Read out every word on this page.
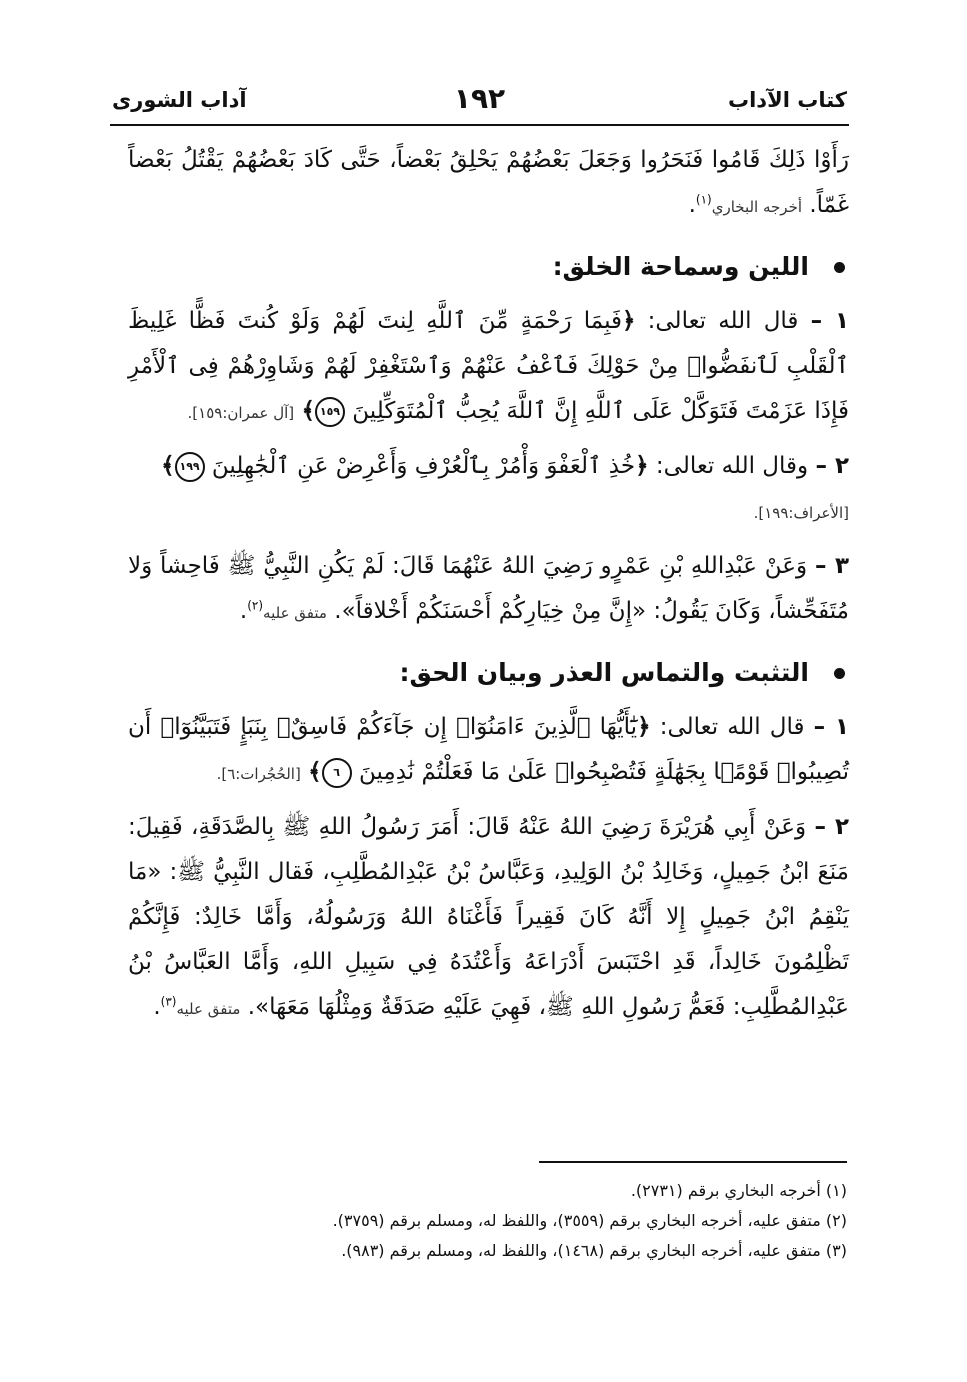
كتاب الآداب
١٩٢
آداب الشورى

رَأَوْا ذَلِكَ قَامُوا فَنَحَرُوا وَجَعَلَ بَعْضُهُمْ يَحْلِقُ بَعْضاً، حَتَّى كَادَ بَعْضُهُمْ يَقْتُلُ بَعْضاً غَمّاً. أخرجه البخاري$^{(١)}$.

اللين وسماحة الخلق:

١ – قال الله تعالى: ﴿فَبِمَا رَحْمَةٍ مِّنَ ٱللَّهِ لِنتَ لَهُمْ وَلَوْ كُنتَ فَظًّا غَلِيظَ ٱلْقَلْبِ لَٱنفَضُّوا۟ مِنْ حَوْلِكَ فَٱعْفُ عَنْهُمْ وَٱسْتَغْفِرْ لَهُمْ وَشَاوِرْهُمْ فِى ٱلْأَمْرِ فَإِذَا عَزَمْتَ فَتَوَكَّلْ عَلَى ٱللَّهِ إِنَّ ٱللَّهَ يُحِبُّ ٱلْمُتَوَكِّلِينَ ١٥٩﴾ [آل عمران:١٥٩].

٢ – وقال الله تعالى: ﴿خُذِ ٱلْعَفْوَ وَأْمُرْ بِٱلْعُرْفِ وَأَعْرِضْ عَنِ ٱلْجَٰهِلِينَ ١٩٩﴾
[الأعراف:١٩٩].

٣ – وَعَنْ عَبْدِاللهِ بْنِ عَمْرٍو رَضِيَ اللهُ عَنْهُمَا قَالَ: لَمْ يَكُنِ النَّبِيُّ ﷺ فَاحِشاً وَلا مُتَفَحِّشاً، وَكَانَ يَقُولُ: «إِنَّ مِنْ خِيَارِكُمْ أَحْسَنَكُمْ أَخْلاقاً». متفق عليه$^{(٢)}$.

التثبت والتماس العذر وبيان الحق:

١ – قال الله تعالى: ﴿يَٰٓأَيُّهَا ٱلَّذِينَ ءَامَنُوٓا۟ إِن جَآءَكُمْ فَاسِقٌۢ بِنَبَإٍ فَتَبَيَّنُوٓا۟ أَن تُصِيبُوا۟ قَوْمًۢا بِجَهَٰلَةٍ فَتُصْبِحُوا۟ عَلَىٰ مَا فَعَلْتُمْ نَٰدِمِينَ ٦﴾ [الحُجُرات:٦].

٢ – وَعَنْ أَبِي هُرَيْرَةَ رَضِيَ اللهُ عَنْهُ قَالَ: أَمَرَ رَسُولُ اللهِ ﷺ بِالصَّدَقَةِ، فَقِيلَ: مَنَعَ ابْنُ جَمِيلٍ، وَخَالِدُ بْنُ الوَلِيدِ، وَعَبَّاسُ بْنُ عَبْدِالمُطَّلِبِ، فَقال النَّبِيُّ ﷺ: «مَا يَنْقِمُ ابْنُ جَمِيلٍ إِلا أَنَّهُ كَانَ فَقِيراً فَأَغْنَاهُ اللهُ وَرَسُولُهُ، وَأَمَّا خَالِدٌ: فَإِنَّكُمْ تَظْلِمُونَ خَالِداً، قَدِ احْتَبَسَ أَدْرَاعَهُ وَأَعْتُدَهُ فِي سَبِيلِ اللهِ، وَأَمَّا العَبَّاسُ بْنُ عَبْدِالمُطَّلِبِ: فَعَمُّ رَسُولِ اللهِ ﷺ، فَهِيَ عَلَيْهِ صَدَقَةٌ وَمِثْلُهَا مَعَهَا». متفق عليه$^{(٣)}$.

(١) أخرجه البخاري برقم (٢٧٣١).
(٢) متفق عليه، أخرجه البخاري برقم (٣٥٥٩)، واللفظ له، ومسلم برقم (٣٧٥٩).
(٣) متفق عليه، أخرجه البخاري برقم (١٤٦٨)، واللفظ له، ومسلم برقم (٩٨٣).
